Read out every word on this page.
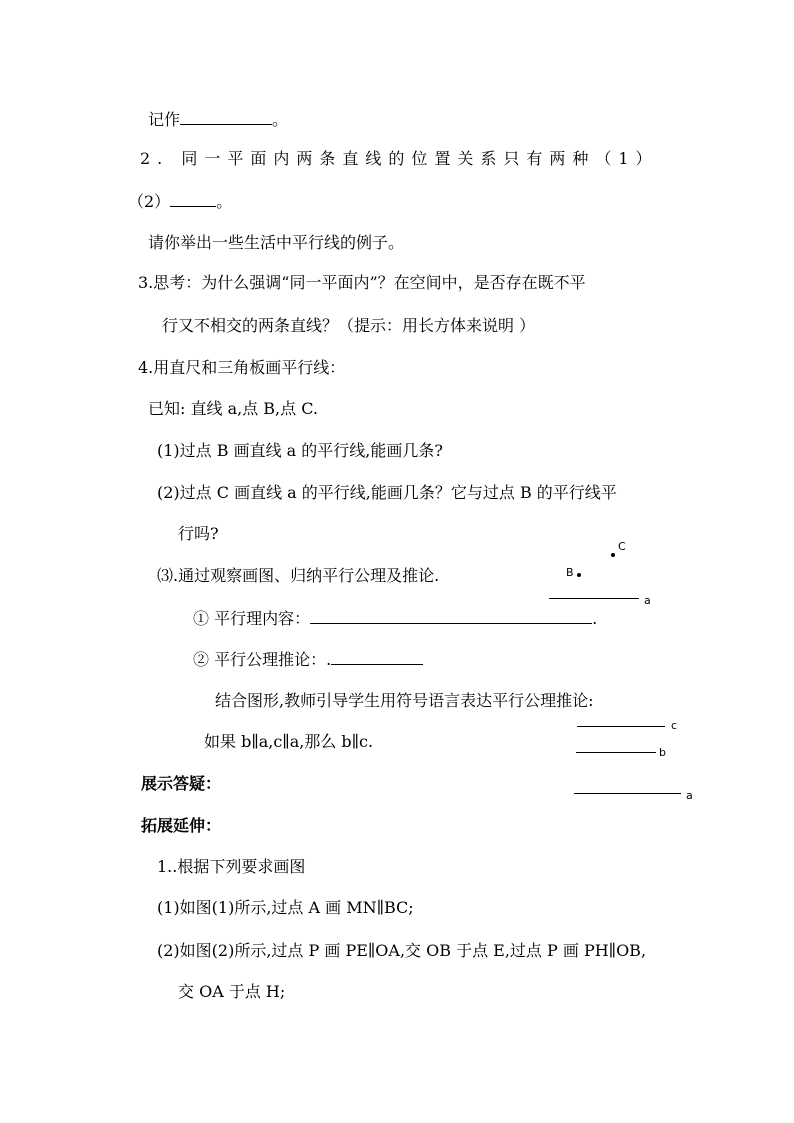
记作	。
2. 同一平面内两条直线的位置关系只有两种（1）
（2）	。
请你举出一些生活中平行线的例子。
3.思考：为什么强调“同一平面内”？在空间中，是否存在既不平
行又不相交的两条直线？（提示：用长方体来说明 ）
4.用直尺和三角板画平行线：
已知: 直线 a,点 B,点 C.
(1)过点 B 画直线 a 的平行线,能画几条?
(2)过点 C 画直线 a 的平行线,能画几条？它与过点 B 的平行线平
行吗?
⑶.通过观察画图、归纳平行公理及推论.
① 平行理内容：	.
② 平行公理推论：.
结合图形,教师引导学生用符号语言表达平行公理推论:
如果 b∥a,c∥a,那么 b∥c.
展示答疑：
拓展延伸：
1..根据下列要求画图
(1)如图(1)所示,过点 A 画 MN∥BC;
(2)如图(2)所示,过点 P 画 PE∥OA,交 OB 于点 E,过点 P 画 PH∥OB,
交 OA 于点 H;
C
B
a
c
b
a
